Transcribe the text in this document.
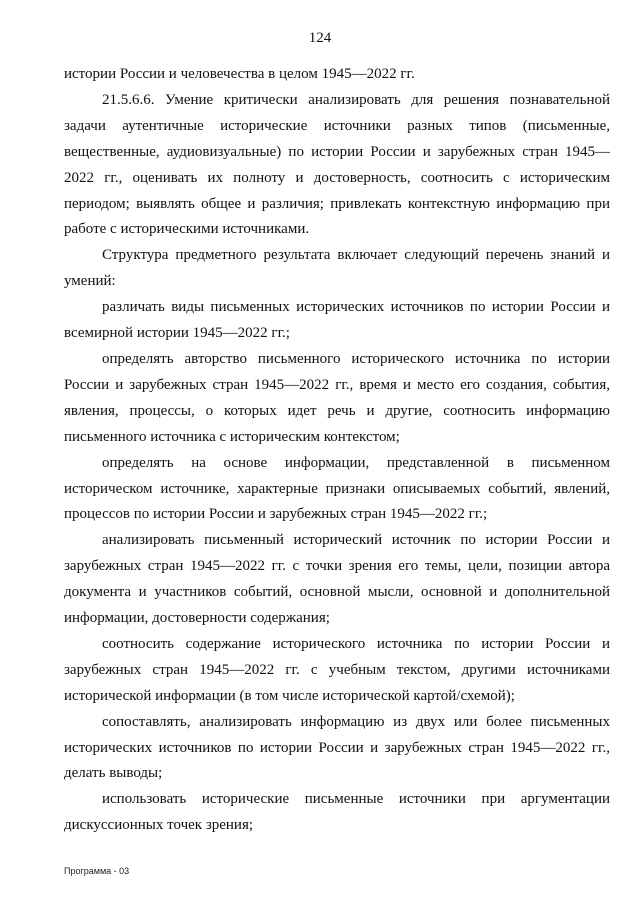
124

истории России и человечества в целом 1945—2022 гг.

21.5.6.6. Умение критически анализировать для решения познавательной задачи аутентичные исторические источники разных типов (письменные, вещественные, аудиовизуальные) по истории России и зарубежных стран 1945—2022 гг., оценивать их полноту и достоверность, соотносить с историческим периодом; выявлять общее и различия; привлекать контекстную информацию при работе с историческими источниками.

Структура предметного результата включает следующий перечень знаний и умений:

различать виды письменных исторических источников по истории России и всемирной истории 1945—2022 гг.;

определять авторство письменного исторического источника по истории России и зарубежных стран 1945—2022 гг., время и место его создания, события, явления, процессы, о которых идет речь и другие, соотносить информацию письменного источника с историческим контекстом;

определять на основе информации, представленной в письменном историческом источнике, характерные признаки описываемых событий, явлений, процессов по истории России и зарубежных стран 1945—2022 гг.;

анализировать письменный исторический источник по истории России и зарубежных стран 1945—2022 гг. с точки зрения его темы, цели, позиции автора документа и участников событий, основной мысли, основной и дополнительной информации, достоверности содержания;

соотносить содержание исторического источника по истории России и зарубежных стран 1945—2022 гг. с учебным текстом, другими источниками исторической информации (в том числе исторической картой/схемой);

сопоставлять, анализировать информацию из двух или более письменных исторических источников по истории России и зарубежных стран 1945—2022 гг., делать выводы;

использовать исторические письменные источники при аргументации дискуссионных точек зрения;

Программа - 03
